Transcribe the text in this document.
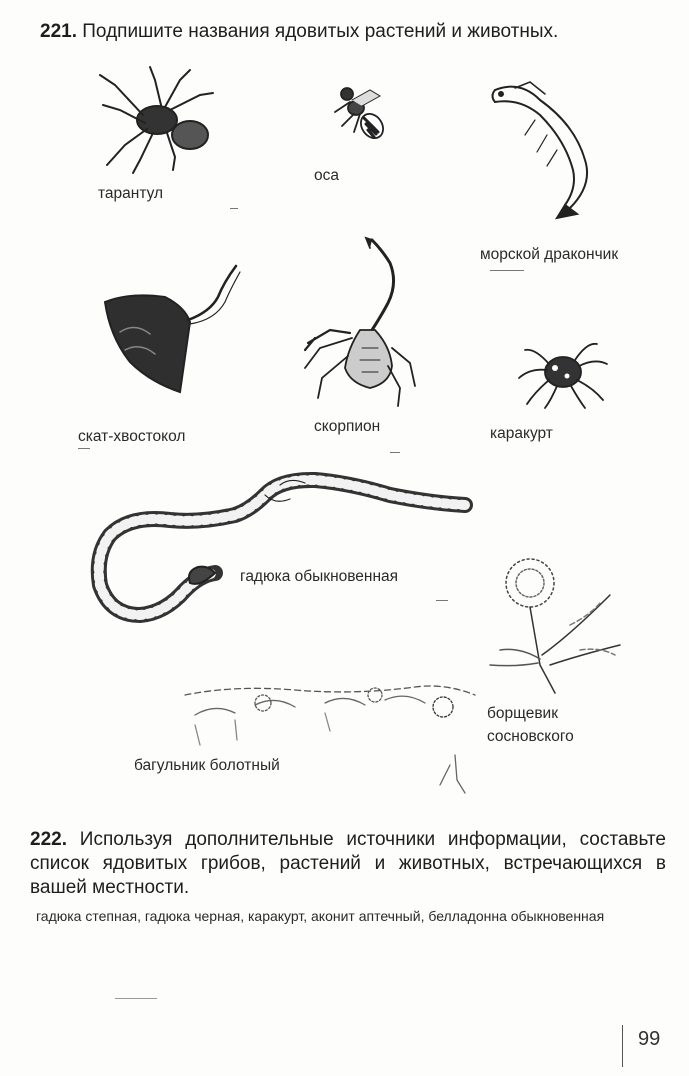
221. Подпишите названия ядовитых растений и животных.
тарантул
оса
морской дракончик
скат-хвостокол
скорпион	каракурт
гадюка обыкновенная
борщевик
сосновского
багульник болотный
222. Используя дополнительные источники информации, составьте список ядовитых грибов, растений и животных, встречающихся в вашей местности.
гадюка степная, гадюка черная, каракурт, аконит аптечный, белладонна обыкновенная
99
